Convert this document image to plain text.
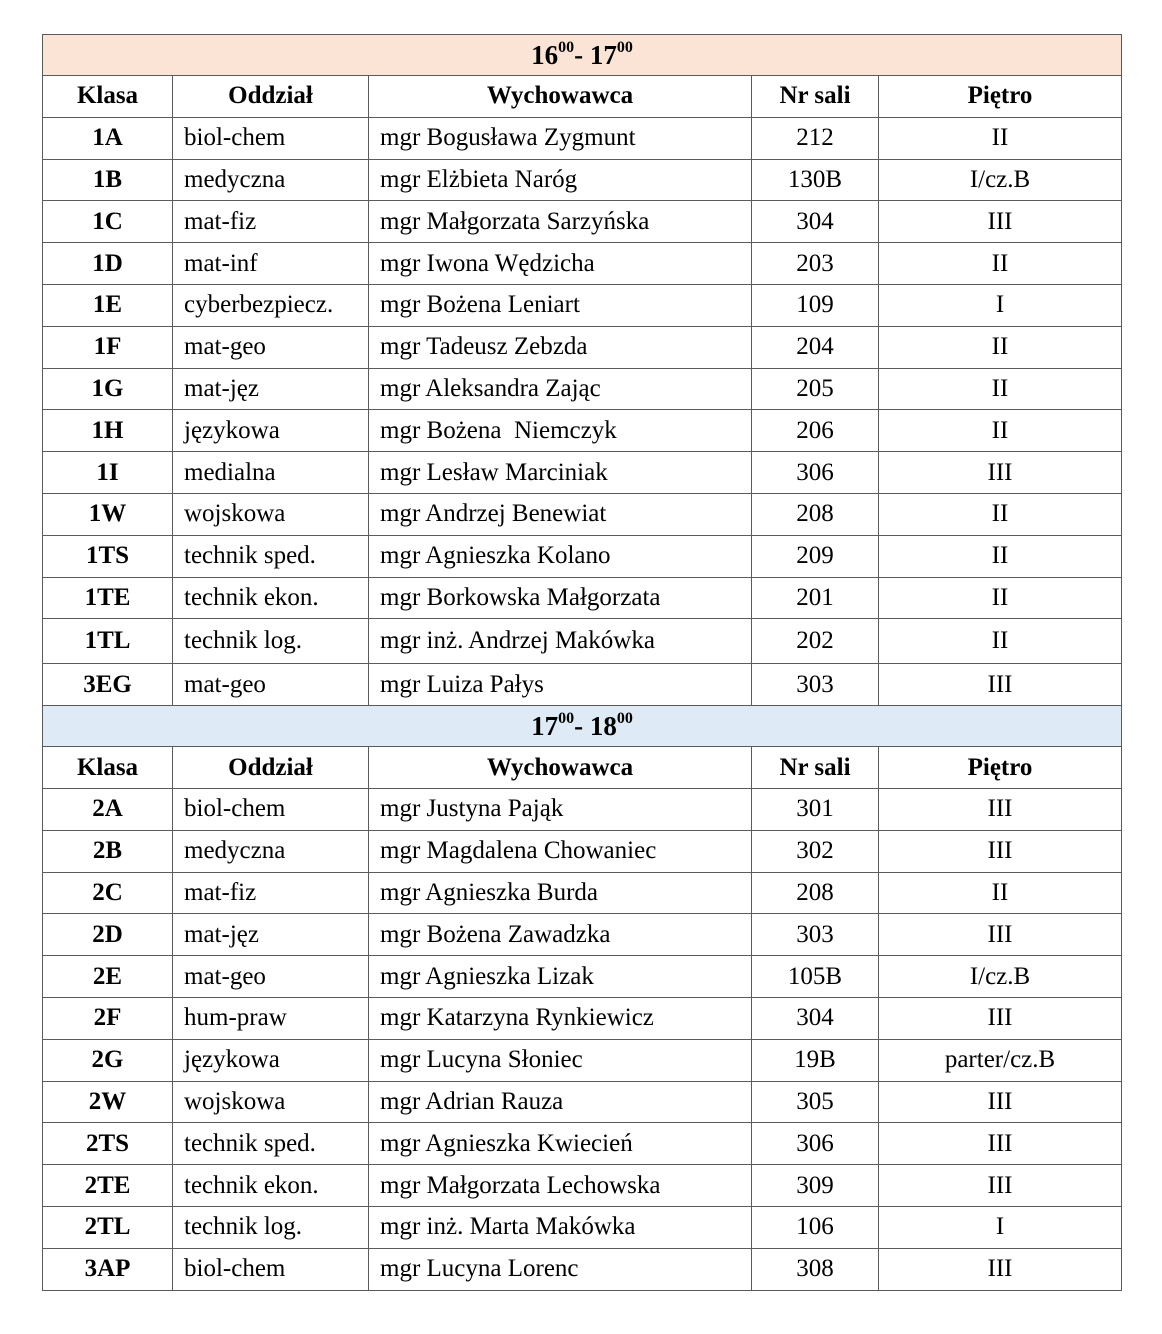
$16^{00}-$ $17^{00}$
Klasa	Oddział	Wychowawca	Nr sali	Piętro
1A	biol-chem	mgr Bogusława Zygmunt	212	II
1B	medyczna	mgr Elżbieta Naróg	130B	I/cz.B
1C	mat-fiz	mgr Małgorzata Sarzyńska	304	III
1D	mat-inf	mgr Iwona Wędzicha	203	II
1E	cyberbezpiecz.	mgr Bożena Leniart	109	I
1F	mat-geo	mgr Tadeusz Zebzda	204	II
1G	mat-jęz	mgr Aleksandra Zając	205	II
1H	językowa	mgr Bożena  Niemczyk	206	II
1I	medialna	mgr Lesław Marciniak	306	III
1W	wojskowa	mgr Andrzej Benewiat	208	II
1TS	technik sped.	mgr Agnieszka Kolano	209	II
1TE	technik ekon.	mgr Borkowska Małgorzata	201	II
1TL	technik log.	mgr inż. Andrzej Makówka	202	II
3EG	mat-geo	mgr Luiza Pałys	303	III
$17^{00}-$ $18^{00}$
Klasa	Oddział	Wychowawca	Nr sali	Piętro
2A	biol-chem	mgr Justyna Pająk	301	III
2B	medyczna	mgr Magdalena Chowaniec	302	III
2C	mat-fiz	mgr Agnieszka Burda	208	II
2D	mat-jęz	mgr Bożena Zawadzka	303	III
2E	mat-geo	mgr Agnieszka Lizak	105B	I/cz.B
2F	hum-praw	mgr Katarzyna Rynkiewicz	304	III
2G	językowa	mgr Lucyna Słoniec	19B	parter/cz.B
2W	wojskowa	mgr Adrian Rauza	305	III
2TS	technik sped.	mgr Agnieszka Kwiecień	306	III
2TE	technik ekon.	mgr Małgorzata Lechowska	309	III
2TL	technik log.	mgr inż. Marta Makówka	106	I
3AP	biol-chem	mgr Lucyna Lorenc	308	III
